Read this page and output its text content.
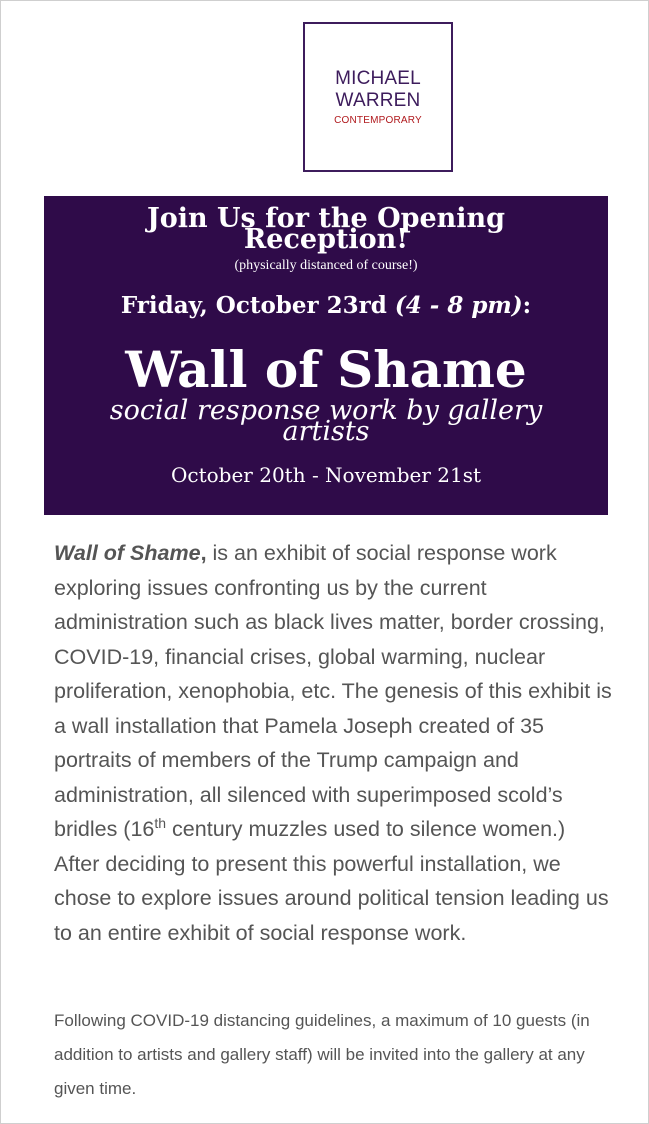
MICHAEL
WARREN
CONTEMPORARY
Join Us for the Opening Reception!
(physically distanced of course!)
Friday, October 23rd (4 - 8 pm):
Wall of Shame
social response work by gallery artists
October 20th - November 21st

Wall of Shame, is an exhibit of social response work exploring issues confronting us by the current administration such as black lives matter, border crossing, COVID-19, financial crises, global warming, nuclear proliferation, xenophobia, etc. The genesis of this exhibit is a wall installation that Pamela Joseph created of 35 portraits of members of the Trump campaign and administration, all silenced with superimposed scold’s bridles (16th century muzzles used to silence women.) After deciding to present this powerful installation, we chose to explore issues around political tension leading us to an entire exhibit of social response work.

Following COVID-19 distancing guidelines, a maximum of 10 guests (in addition to artists and gallery staff) will be invited into the gallery at any given time.
